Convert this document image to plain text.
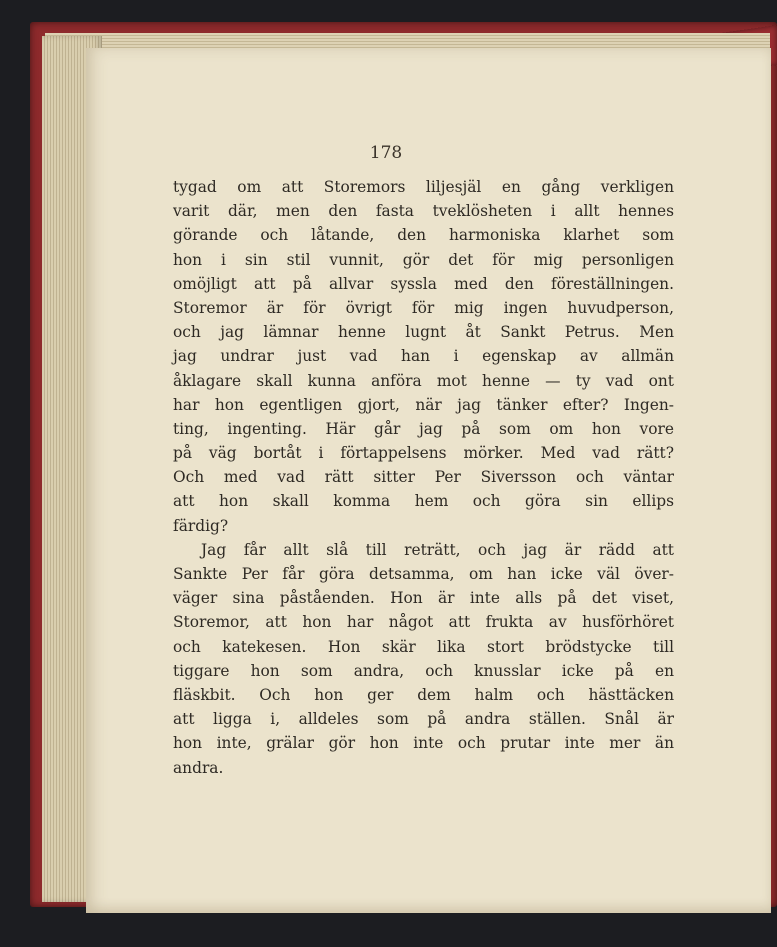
178
tygad om att Storemors liljesjäl en gång verkligen
varit där, men den fasta tveklösheten i allt hennes
görande och låtande, den harmoniska klarhet som
hon i sin stil vunnit, gör det för mig personligen
omöjligt att på allvar syssla med den föreställningen.
Storemor är för övrigt för mig ingen huvudperson,
och jag lämnar henne lugnt åt Sankt Petrus. Men
jag undrar just vad han i egenskap av allmän
åklagare skall kunna anföra mot henne — ty vad ont
har hon egentligen gjort, när jag tänker efter? Ingen-
ting, ingenting. Här går jag på som om hon vore
på väg bortåt i förtappelsens mörker. Med vad rätt?
Och med vad rätt sitter Per Siversson och väntar
att hon skall komma hem och göra sin ellips
färdig?
Jag får allt slå till reträtt, och jag är rädd att
Sankte Per får göra detsamma, om han icke väl över-
väger sina påståenden. Hon är inte alls på det viset,
Storemor, att hon har något att frukta av husförhöret
och katekesen. Hon skär lika stort brödstycke till
tiggare hon som andra, och knusslar icke på en
fläskbit. Och hon ger dem halm och hästtäcken
att ligga i, alldeles som på andra ställen. Snål är
hon inte, grälar gör hon inte och prutar inte mer än
andra.
